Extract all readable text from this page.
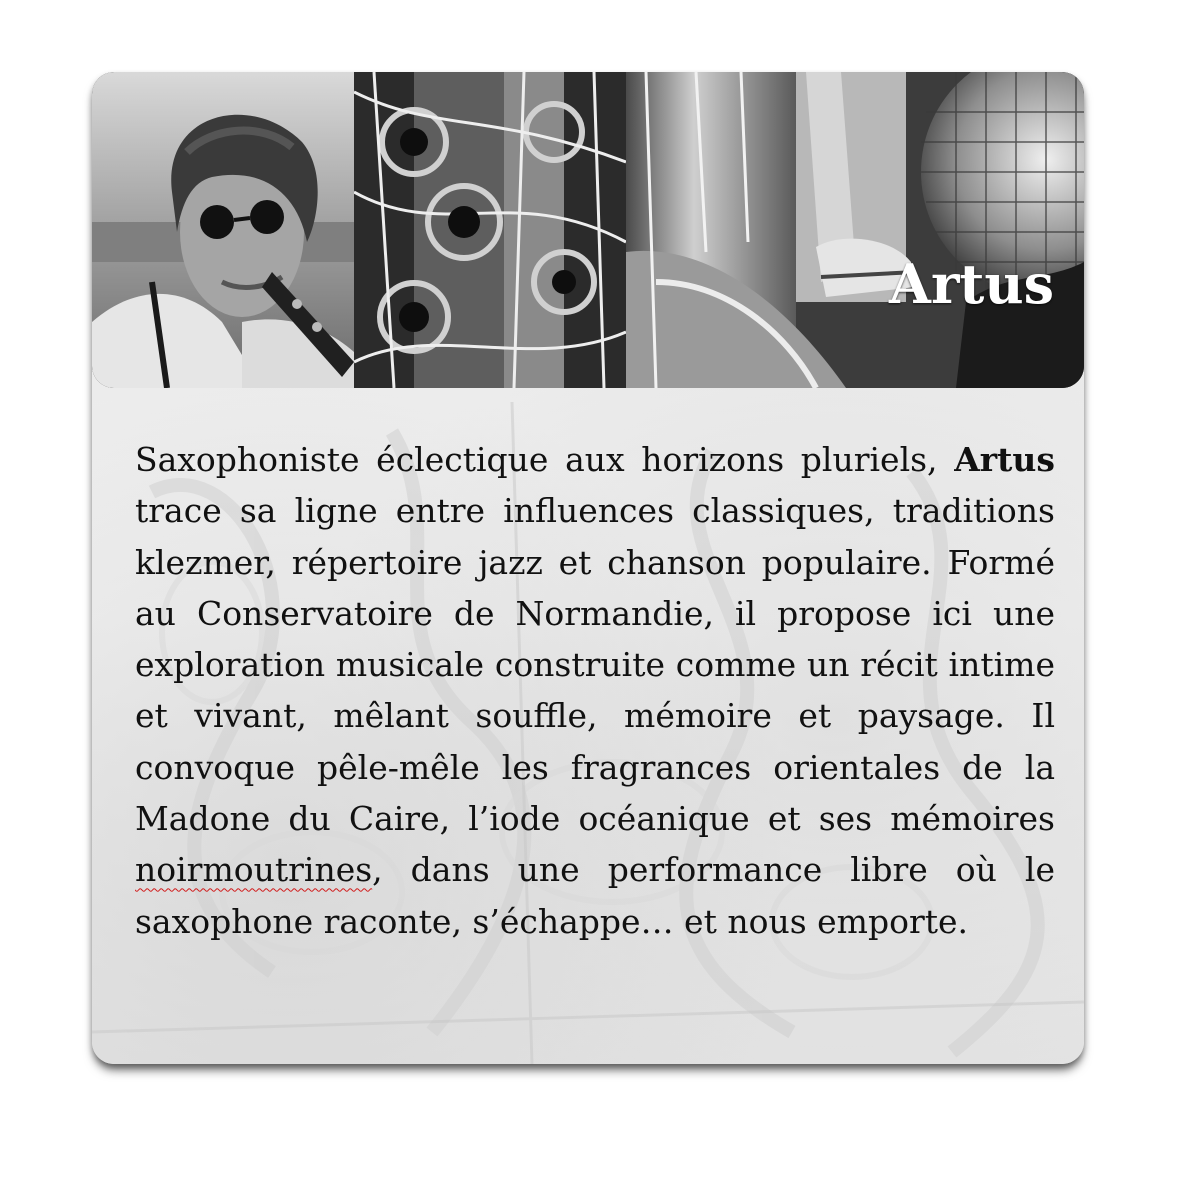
Artus

Saxophoniste éclectique aux horizons pluriels, Artus trace sa ligne entre influences classiques, traditions klezmer, répertoire jazz et chanson populaire. Formé au Conservatoire de Normandie, il propose ici une exploration musicale construite comme un récit intime et vivant, mêlant souffle, mémoire et paysage. Il convoque pêle-mêle les fragrances orientales de la Madone du Caire, l’iode océanique et ses mémoires noirmoutrines, dans une performance libre où le saxophone raconte, s’échappe… et nous emporte.
